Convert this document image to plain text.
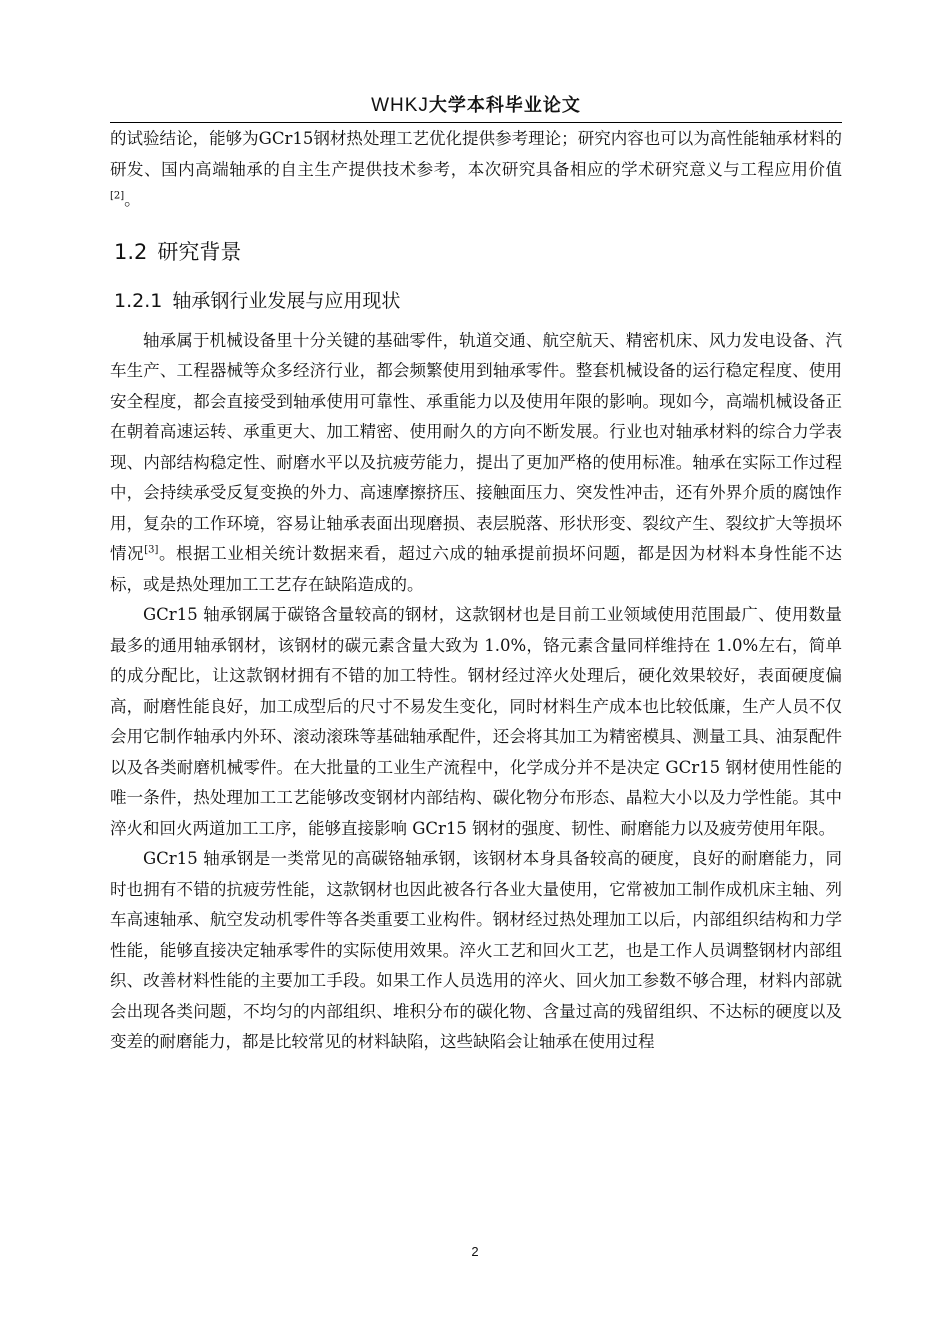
WHKJ大学本科毕业论文

的试验结论，能够为GCr15钢材热处理工艺优化提供参考理论；研究内容也可以为高性能轴承材料的研发、国内高端轴承的自主生产提供技术参考，本次研究具备相应的学术研究意义与工程应用价值[2]。

1.2 研究背景
1.2.1 轴承钢行业发展与应用现状

轴承属于机械设备里十分关键的基础零件，轨道交通、航空航天、精密机床、风力发电设备、汽车生产、工程器械等众多经济行业，都会频繁使用到轴承零件。整套机械设备的运行稳定程度、使用安全程度，都会直接受到轴承使用可靠性、承重能力以及使用年限的影响。现如今，高端机械设备正在朝着高速运转、承重更大、加工精密、使用耐久的方向不断发展。行业也对轴承材料的综合力学表现、内部结构稳定性、耐磨水平以及抗疲劳能力，提出了更加严格的使用标准。轴承在实际工作过程中，会持续承受反复变换的外力、高速摩擦挤压、接触面压力、突发性冲击，还有外界介质的腐蚀作用，复杂的工作环境，容易让轴承表面出现磨损、表层脱落、形状形变、裂纹产生、裂纹扩大等损坏情况[3]。根据工业相关统计数据来看，超过六成的轴承提前损坏问题，都是因为材料本身性能不达标，或是热处理加工工艺存在缺陷造成的。

GCr15 轴承钢属于碳铬含量较高的钢材，这款钢材也是目前工业领域使用范围最广、使用数量最多的通用轴承钢材，该钢材的碳元素含量大致为 1.0%，铬元素含量同样维持在 1.0%左右，简单的成分配比，让这款钢材拥有不错的加工特性。钢材经过淬火处理后，硬化效果较好，表面硬度偏高，耐磨性能良好，加工成型后的尺寸不易发生变化，同时材料生产成本也比较低廉，生产人员不仅会用它制作轴承内外环、滚动滚珠等基础轴承配件，还会将其加工为精密模具、测量工具、油泵配件以及各类耐磨机械零件。在大批量的工业生产流程中，化学成分并不是决定 GCr15 钢材使用性能的唯一条件，热处理加工工艺能够改变钢材内部结构、碳化物分布形态、晶粒大小以及力学性能。其中淬火和回火两道加工工序，能够直接影响 GCr15 钢材的强度、韧性、耐磨能力以及疲劳使用年限。

GCr15 轴承钢是一类常见的高碳铬轴承钢，该钢材本身具备较高的硬度，良好的耐磨能力，同时也拥有不错的抗疲劳性能，这款钢材也因此被各行各业大量使用，它常被加工制作成机床主轴、列车高速轴承、航空发动机零件等各类重要工业构件。钢材经过热处理加工以后，内部组织结构和力学性能，能够直接决定轴承零件的实际使用效果。淬火工艺和回火工艺，也是工作人员调整钢材内部组织、改善材料性能的主要加工手段。如果工作人员选用的淬火、回火加工参数不够合理，材料内部就会出现各类问题，不均匀的内部组织、堆积分布的碳化物、含量过高的残留组织、不达标的硬度以及变差的耐磨能力，都是比较常见的材料缺陷，这些缺陷会让轴承在使用过程

2
